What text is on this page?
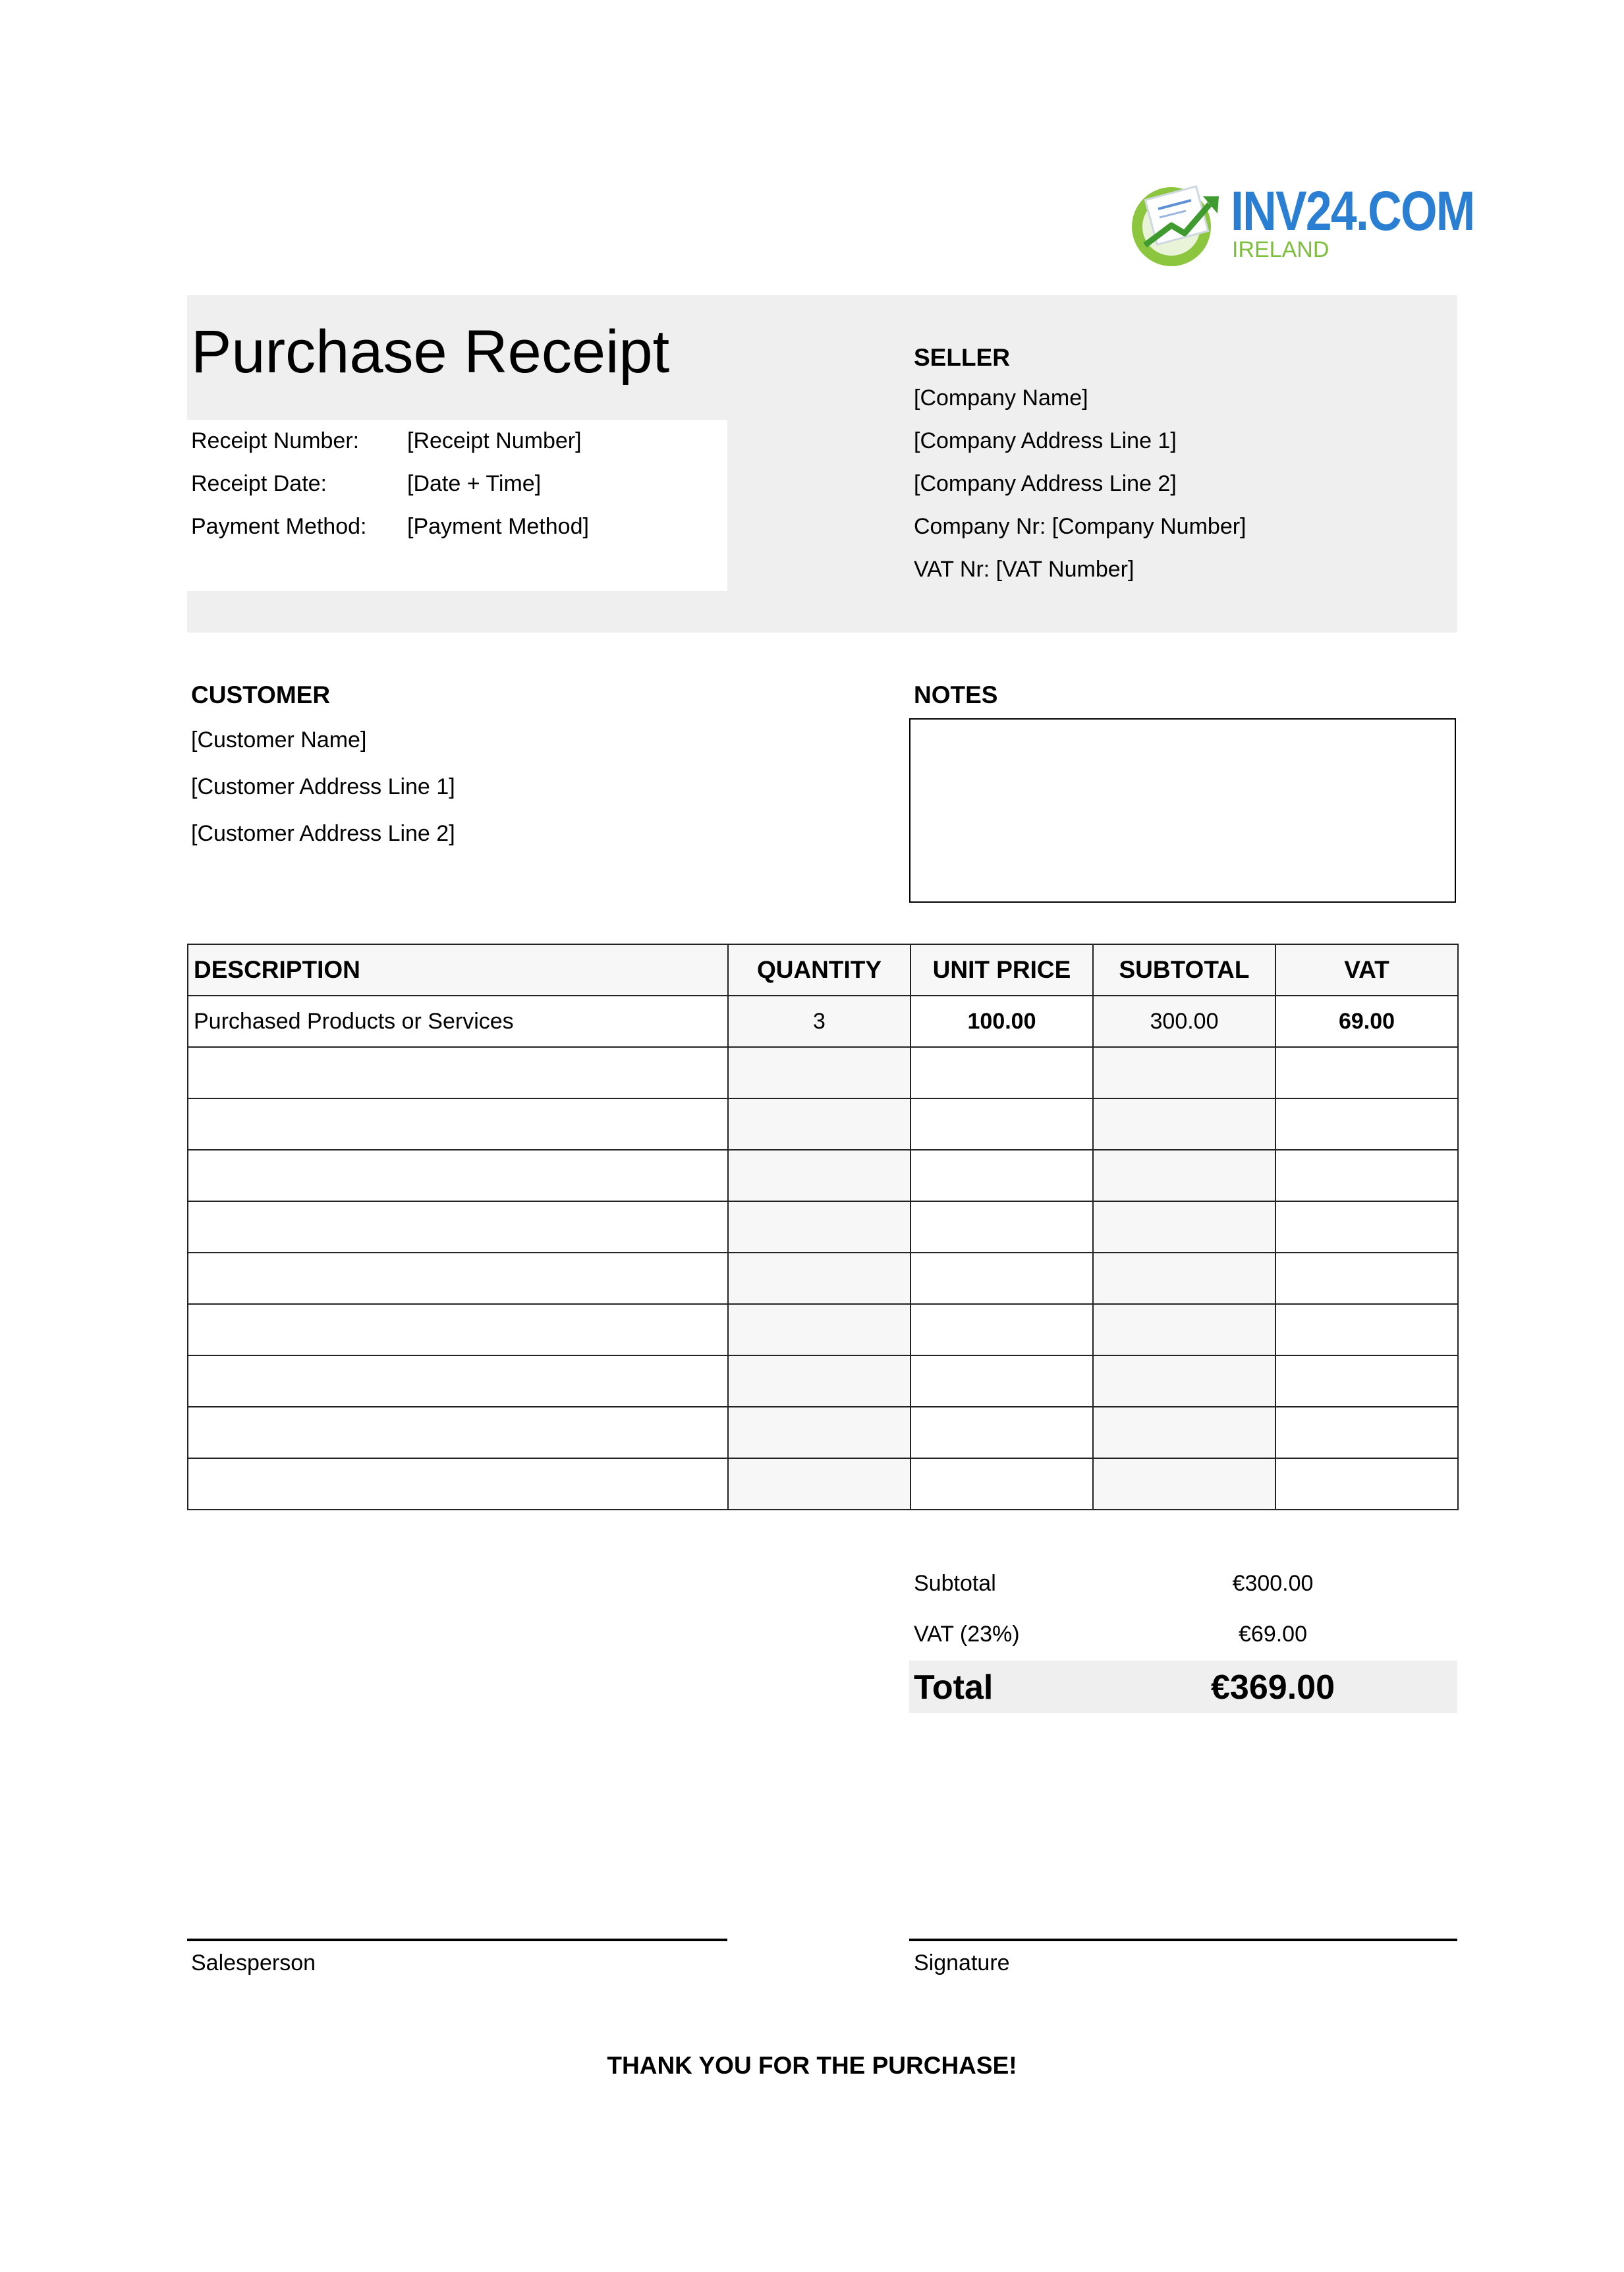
INV24.COM
IRELAND
Purchase Receipt
Receipt Number: [Receipt Number]
Receipt Date:	[Date + Time]
Payment Method: [Payment Method]
SELLER
[Company Name]
[Company Address Line 1]
[Company Address Line 2]
Company Nr: [Company Number]
VAT Nr: [VAT Number]
CUSTOMER
[Customer Name]
[Customer Address Line 1]
[Customer Address Line 2]
NOTES
DESCRIPTION	QUANTITY	UNIT PRICE	SUBTOTAL	VAT
Purchased Products or Services	3	100.00	300.00	69.00

Subtotal	€300.00
VAT (23%)	€69.00
Total	€369.00
Salesperson	Signature
THANK YOU FOR THE PURCHASE!
